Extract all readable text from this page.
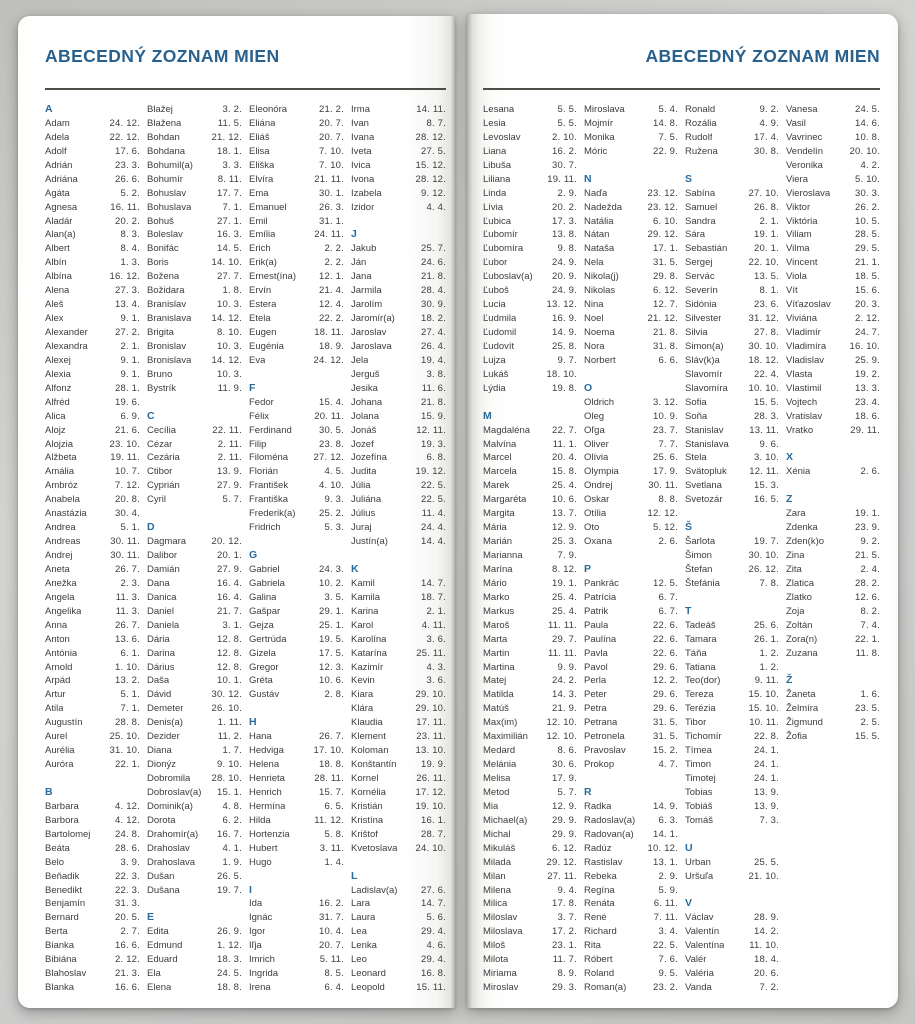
ABECEDNÝ ZOZNAM MIEN
A
Adam	24. 12.
Adela	22. 12.
Adolf	17. 6.
Adrián	23. 3.
Adriána	26. 6.
Agáta	5. 2.
Agnesa	16. 11.
Aladár	20. 2.
Alan(a)	8. 3.
Albert	8. 4.
Albín	1. 3.
Albína	16. 12.
Alena	27. 3.
Aleš	13. 4.
Alex	9. 1.
Alexander	27. 2.
Alexandra	2. 1.
Alexej	9. 1.
Alexia	9. 1.
Alfonz	28. 1.
Alfréd	19. 6.
Alica	6. 9.
Alojz	21. 6.
Alojzia	23. 10.
Alžbeta	19. 11.
Amália	10. 7.
Ambróz	7. 12.
Anabela	20. 8.
Anastázia	30. 4.
Andrea	5. 1.
Andreas	30. 11.
Andrej	30. 11.
Aneta	26. 7.
Anežka	2. 3.
Angela	11. 3.
Angelika	11. 3.
Anna	26. 7.
Anton	13. 6.
Antónia	6. 1.
Arnold	1. 10.
Arpád	13. 2.
Artur	5. 1.
Atila	7. 1.
Augustín	28. 8.
Aurel	25. 10.
Aurélia	31. 10.
Auróra	22. 1.
B
Barbara	4. 12.
Barbora	4. 12.
Bartolomej	24. 8.
Beáta	28. 6.
Belo	3. 9.
Beňadik	22. 3.
Benedikt	22. 3.
Benjamín	31. 3.
Bernard	20. 5.
Berta	2. 7.
Bianka	16. 6.
Bibiána	2. 12.
Blahoslav	21. 3.
Blanka	16. 6.
Blažej	3. 2.
Blažena	11. 5.
Bohdan	21. 12.
Bohdana	18. 1.
Bohumil(a)	3. 3.
Bohumír	8. 11.
Bohuslav	17. 7.
Bohuslava	7. 1.
Bohuš	27. 1.
Boleslav	16. 3.
Bonifác	14. 5.
Boris	14. 10.
Božena	27. 7.
Božidara	1. 8.
Branislav	10. 3.
Branislava 14. 12.
Brigita	8. 10.
Bronislav	10. 3.
Bronislava 14. 12.
Bruno	10. 3.
Bystrík	11. 9.
C
Cecília	22. 11.
Cézar	2. 11.
Cezária	2. 11.
Ctibor	13. 9.
Cyprián	27. 9.
Cyril	5. 7.
D
Dagmara	20. 12.
Dalibor	20. 1.
Damián	27. 9.
Dana	16. 4.
Danica	16. 4.
Daniel	21. 7.
Daniela	3. 1.
Dária	12. 8.
Darina	12. 8.
Dárius	12. 8.
Daša	10. 1.
Dávid	30. 12.
Demeter	26. 10.
Denis(a)	1. 11.
Dezider	11. 2.
Diana	1. 7.
Dionýz	9. 10.
Dobromila 28. 10.
Dobroslav(a) 15. 1.
Dominik(a)	4. 8.
Dorota	6. 2.
Drahomír(a) 16. 7.
Drahoslav	4. 1.
Drahoslava	1. 9.
Dušan	26. 5.
Dušana	19. 7.
E
Edita	26. 9.
Edmund	1. 12.
Eduard	18. 3.
Ela	24. 5.
Elena	18. 8.
Eleonóra	21. 2.
Eliána	20. 7.
Eliáš	20. 7.
Elisa	7. 10.
Eliška	7. 10.
Elvíra	21. 11.
Ema	30. 1.
Emanuel	26. 3.
Emil	31. 1.
Emília	24. 11.
Erich	2. 2.
Erik(a)	2. 2.
Ernest(ína) 12. 1.
Ervín	21. 4.
Estera	12. 4.
Etela	22. 2.
Eugen	18. 11.
Eugénia	18. 9.
Eva	24. 12.
F
Fedor	15. 4.
Félix	20. 11.
Ferdinand	30. 5.
Filip	23. 8.
Filoména	27. 12.
Florián	4. 5.
František	4. 10.
Františka	9. 3.
Frederik(a) 25. 2.
Fridrich	5. 3.
G
Gabriel	24. 3.
Gabriela	10. 2.
Galina	3. 5.
Gašpar	29. 1.
Gejza	25. 1.
Gertrúda	19. 5.
Gizela	17. 5.
Gregor	12. 3.
Gréta	10. 6.
Gustáv	2. 8.
H
Hana	26. 7.
Hedviga	17. 10.
Helena	18. 8.
Henrieta	28. 11.
Henrich	15. 7.
Hermína	6. 5.
Hilda	11. 12.
Hortenzia	5. 8.
Hubert	3. 11.
Hugo	1. 4.
I
Ida	16. 2.
Ignác	31. 7.
Igor	10. 4.
Iľja	20. 7.
Imrich	5. 11.
Ingrida	8. 5.
Irena	6. 4.
Irma	14. 11.
Ivan	8. 7.
Ivana	28. 12.
Iveta	27. 5.
Ivica	15. 12.
Ivona	28. 12.
Izabela	9. 12.
Izidor	4. 4.
J
Jakub	25. 7.
Ján	24. 6.
Jana	21. 8.
Jarmila	28. 4.
Jarolím	30. 9.
Jaromír(a)	18. 2.
Jaroslav	27. 4.
Jaroslava	26. 4.
Jela	19. 4.
Jerguš	3. 8.
Jesika	11. 6.
Johana	21. 8.
Jolana	15. 9.
Jonáš	12. 11.
Jozef	19. 3.
Jozefína	6. 8.
Judita	19. 12.
Júlia	22. 5.
Juliána	22. 5.
Július	11. 4.
Juraj	24. 4.
Justín(a)	14. 4.
K
Kamil	14. 7.
Kamila	18. 7.
Karina	2. 1.
Karol	4. 11.
Karolína	3. 6.
Katarína	25. 11.
Kazimír	4. 3.
Kevin	3. 6.
Kiara	29. 10.
Klára	29. 10.
Klaudia	17. 11.
Klement	23. 11.
Koloman	13. 10.
Konštantín	19. 9.
Kornel	26. 11.
Kornélia	17. 12.
Kristián	19. 10.
Kristína	16. 1.
Krištof	28. 7.
Kvetoslava 24. 10.
L
Ladislav(a) 27. 6.
Lara	14. 7.
Laura	5. 6.
Lea	29. 4.
Lenka	4. 6.
Leo	29. 4.
Leonard	16. 8.
Leopold	15. 11.
ABECEDNÝ ZOZNAM MIEN
Lesana	5. 5.
Lesia	5. 5.
Levoslav	2. 10.
Liana	16. 2.
Libuša	30. 7.
Liliana	19. 11.
Linda	2. 9.
Lívia	20. 2.
Ľubica	17. 3.
Ľubomír	13. 8.
Ľubomíra	9. 8.
Ľubor	24. 9.
Ľuboslav(a) 20. 9.
Ľuboš	24. 9.
Lucia	13. 12.
Ľudmila	16. 9.
Ľudomil	14. 9.
Ľudovít	25. 8.
Lujza	9. 7.
Lukáš	18. 10.
Lýdia	19. 8.
M
Magdaléna 22. 7.
Malvína	11. 1.
Marcel	20. 4.
Marcela	15. 8.
Marek	25. 4.
Margaréta	10. 6.
Margita	13. 7.
Mária	12. 9.
Marián	25. 3.
Marianna	7. 9.
Marína	8. 12.
Mário	19. 1.
Marko	25. 4.
Markus	25. 4.
Maroš	11. 11.
Marta	29. 7.
Martin	11. 11.
Martina	9. 9.
Matej	24. 2.
Matilda	14. 3.
Matúš	21. 9.
Max(im)	12. 10.
Maximilián 12. 10.
Medard	8. 6.
Melánia	30. 6.
Melisa	17. 9.
Metod	5. 7.
Mia	12. 9.
Michael(a)	29. 9.
Michal	29. 9.
Mikuláš	6. 12.
Milada	29. 12.
Milan	27. 11.
Milena	9. 4.
Milica	17. 8.
Miloslav	3. 7.
Miloslava	17. 2.
Miloš	23. 1.
Milota	11. 7.
Miriama	8. 9.
Miroslav	29. 3.
Miroslava	5. 4.
Mojmír	14. 8.
Monika	7. 5.
Móric	22. 9.
N
Naďa	23. 12.
Nadežda	23. 12.
Natália	6. 10.
Nátan	29. 12.
Nataša	17. 1.
Nela	31. 5.
Nikola(j)	29. 8.
Nikolas	6. 12.
Nina	12. 7.
Noel	21. 12.
Noema	21. 8.
Nora	31. 8.
Norbert	6. 6.
O
Oldrich	3. 12.
Oleg	10. 9.
Oľga	23. 7.
Oliver	7. 7.
Olívia	25. 6.
Olympia	17. 9.
Ondrej	30. 11.
Oskar	8. 8.
Otília	12. 12.
Oto	5. 12.
Oxana	2. 6.
P
Pankrác	12. 5.
Patrícia	6. 7.
Patrik	6. 7.
Paula	22. 6.
Paulína	22. 6.
Pavla	22. 6.
Pavol	29. 6.
Perla	12. 2.
Peter	29. 6.
Petra	29. 6.
Petrana	31. 5.
Petronela	31. 5.
Pravoslav	15. 2.
Prokop	4. 7.
R
Radka	14. 9.
Radoslav(a) 6. 3.
Radovan(a) 14. 1.
Radúz	10. 12.
Rastislav	13. 1.
Rebeka	2. 9.
Regína	5. 9.
Renáta	6. 11.
René	7. 11.
Richard	3. 4.
Rita	22. 5.
Róbert	7. 6.
Roland	9. 5.
Roman(a)	23. 2.
Ronald	9. 2.
Rozália	4. 9.
Rudolf	17. 4.
Ružena	30. 8.
S
Sabína	27. 10.
Samuel	26. 8.
Sandra	2. 1.
Sára	19. 1.
Sebastián	20. 1.
Sergej	22. 10.
Servác	13. 5.
Severín	8. 1.
Sidónia	23. 6.
Silvester	31. 12.
Silvia	27. 8.
Simon(a)	30. 10.
Sláv(k)a	18. 12.
Slavomír	22. 4.
Slavomíra 10. 10.
Sofia	15. 5.
Soňa	28. 3.
Stanislav	13. 11.
Stanislava	9. 6.
Stela	3. 10.
Svätopluk 12. 11.
Svetlana	15. 3.
Svetozár	16. 5.
Š
Šarlota	19. 7.
Šimon	30. 10.
Štefan	26. 12.
Štefánia	7. 8.
T
Tadeáš	25. 6.
Tamara	26. 1.
Táňa	1. 2.
Tatiana	1. 2.
Teo(dor)	9. 11.
Tereza	15. 10.
Terézia	15. 10.
Tibor	10. 11.
Tichomír	22. 8.
Tímea	24. 1.
Timon	24. 1.
Timotej	24. 1.
Tobias	13. 9.
Tobiáš	13. 9.
Tomáš	7. 3.
U
Urban	25. 5.
Uršuľa	21. 10.
V
Václav	28. 9.
Valentín	14. 2.
Valentína	11. 10.
Valér	18. 4.
Valéria	20. 6.
Vanda	7. 2.
Vanesa	24. 5.
Vasil	14. 6.
Vavrinec	10. 8.
Vendelín	20. 10.
Veronika	4. 2.
Viera	5. 10.
Vieroslava	30. 3.
Viktor	26. 2.
Viktória	10. 5.
Viliam	28. 5.
Vilma	29. 5.
Vincent	21. 1.
Viola	18. 5.
Vít	15. 6.
Víťazoslav	20. 3.
Viviána	2. 12.
Vladimír	24. 7.
Vladimíra 16. 10.
Vladislav	25. 9.
Vlasta	19. 2.
Vlastimil	13. 3.
Vojtech	23. 4.
Vratislav	18. 6.
Vratko	29. 11.
X
Xénia	2. 6.
Z
Zara	19. 1.
Zdenka	23. 9.
Zden(k)o	9. 2.
Zina	21. 5.
Zita	2. 4.
Zlatica	28. 2.
Zlatko	12. 6.
Zoja	8. 2.
Zoltán	7. 4.
Zora(n)	22. 1.
Zuzana	11. 8.
Ž
Žaneta	1. 6.
Želmíra	23. 5.
Žigmund	2. 5.
Žofia	15. 5.
